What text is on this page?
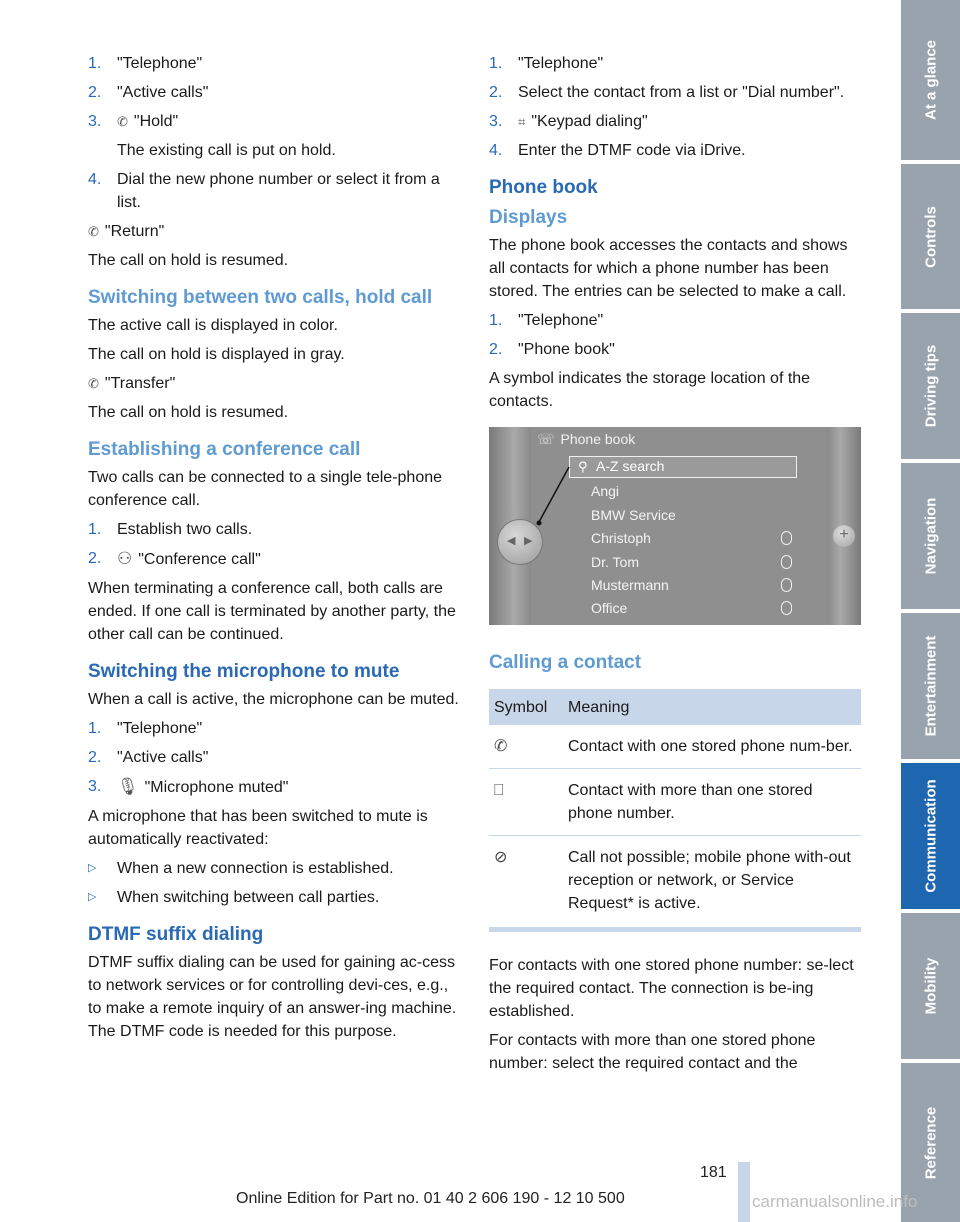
1. "Telephone"
2. "Active calls"
3.	✆ "Hold"
The existing call is put on hold.
4. Dial the new phone number or select it from a list.

✆ "Return"

The call on hold is resumed.

Switching between two calls, hold call

The active call is displayed in color.

The call on hold is displayed in gray.

✆ "Transfer"

The call on hold is resumed.

Establishing a conference call

Two calls can be connected to a single tele-phone conference call.

1. Establish two calls.
2. ⚇ "Conference call"

When terminating a conference call, both calls are ended. If one call is terminated by another party, the other call can be continued.

Switching the microphone to mute

When a call is active, the microphone can be muted.

1. "Telephone"
2. "Active calls"
3. 🎙 "Microphone muted"

A microphone that has been switched to mute is automatically reactivated:

▷	When a new connection is established.
▷	When switching between call parties.
DTMF suffix dialing

DTMF suffix dialing can be used for gaining ac-cess to network services or for controlling devi-ces, e.g., to make a remote inquiry of an answer-ing machine. The DTMF code is needed for this purpose.

1. "Telephone"
2. Select the contact from a list or "Dial number".
3.	⌗ "Keypad dialing"
4. Enter the DTMF code via iDrive.
Phone book
Displays

The phone book accesses the contacts and shows all contacts for which a phone number has been stored. The entries can be selected to make a call.

1. "Telephone"
2. "Phone book"

A symbol indicates the storage location of the contacts.

☏ Phone book
⚲ A-Z search
Angi
BMW Service
Christoph
Dr. Tom
Mustermann
Office
◀ ▶	+
Calling a contact
Symbol	Meaning
✆	Contact with one stored phone num-ber.
⎕	Contact with more than one stored phone number.
⊘	Call not possible; mobile phone with-out reception or network, or Service Request* is active.

For contacts with one stored phone number: se-lect the required contact. The connection is be-ing established.

For contacts with more than one stored phone number: select the required contact and the

At a glance
Controls
Driving tips
Navigation
Entertainment
Communication
Mobility
Reference
181
Online Edition for Part no. 01 40 2 606 190 - 12 10 500	carmanualsonline.info
